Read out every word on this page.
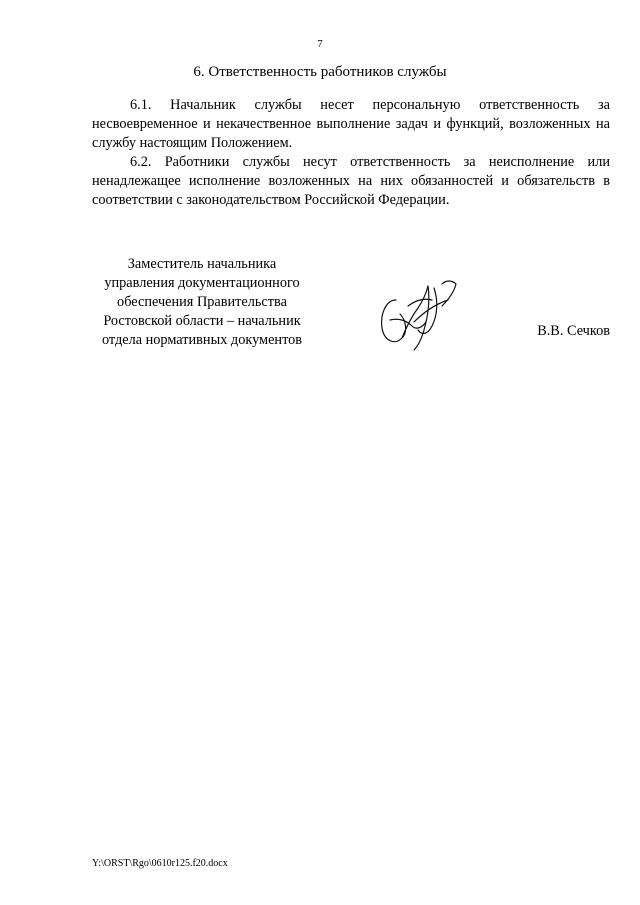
7
6. Ответственность работников службы

6.1. Начальник службы несет персональную ответственность за несвоевременное и некачественное выполнение задач и функций, возложенных на службу настоящим Положением.

6.2. Работники службы несут ответственность за неисполнение или ненадлежащее исполнение возложенных на них обязанностей и обязательств в соответствии с законодательством Российской Федерации.

Заместитель начальника
управления документационного
обеспечения Правительства
Ростовской области – начальник
отдела нормативных документов
В.В. Сечков
Y:\ORST\Rgo\0610r125.f20.docx
